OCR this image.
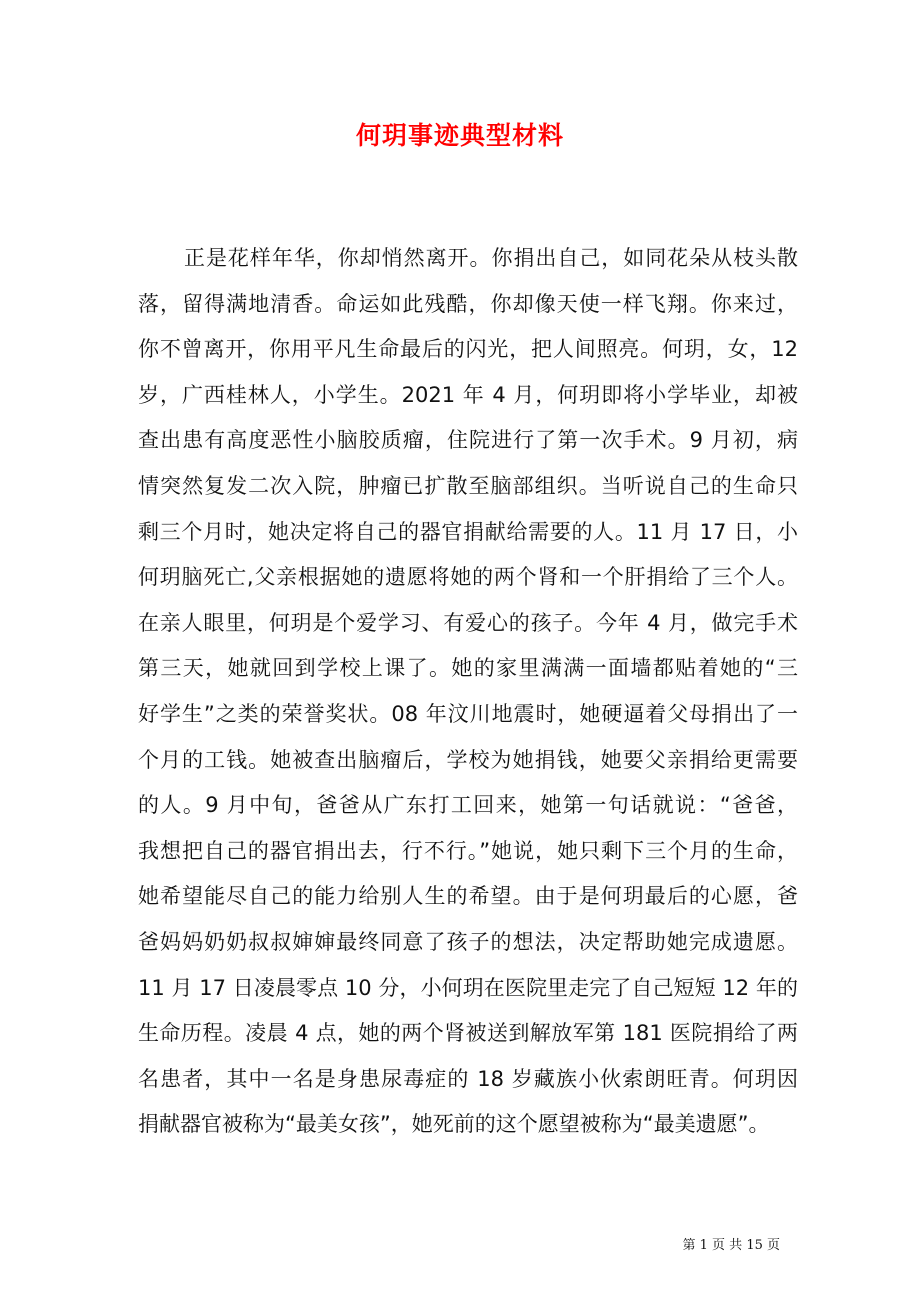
何玥事迹典型材料
正是花样年华，你却悄然离开。你捐出自己，如同花朵从枝头散
落，留得满地清香。命运如此残酷，你却像天使一样飞翔。你来过，
你不曾离开，你用平凡生命最后的闪光，把人间照亮。何玥，女，12
岁，广西桂林人，小学生。2021 年 4 月，何玥即将小学毕业，却被
查出患有高度恶性小脑胶质瘤，住院进行了第一次手术。9 月初，病
情突然复发二次入院，肿瘤已扩散至脑部组织。当听说自己的生命只
剩三个月时，她决定将自己的器官捐献给需要的人。11 月 17 日，小
何玥脑死亡,父亲根据她的遗愿将她的两个肾和一个肝捐给了三个人。
在亲人眼里，何玥是个爱学习、有爱心的孩子。今年 4 月，做完手术
第三天，她就回到学校上课了。她的家里满满一面墙都贴着她的“三
好学生”之类的荣誉奖状。08 年汶川地震时，她硬逼着父母捐出了一
个月的工钱。她被查出脑瘤后，学校为她捐钱，她要父亲捐给更需要
的人。9 月中旬，爸爸从广东打工回来，她第一句话就说：“爸爸，
我想把自己的器官捐出去，行不行。”她说，她只剩下三个月的生命，
她希望能尽自己的能力给别人生的希望。由于是何玥最后的心愿，爸
爸妈妈奶奶叔叔婶婶最终同意了孩子的想法，决定帮助她完成遗愿。
11 月 17 日凌晨零点 10 分，小何玥在医院里走完了自己短短 12 年的
生命历程。凌晨 4 点，她的两个肾被送到解放军第 181 医院捐给了两
名患者，其中一名是身患尿毒症的 18 岁藏族小伙索朗旺青。何玥因
捐献器官被称为“最美女孩”，她死前的这个愿望被称为“最美遗愿”。
第 1 页 共 15 页
